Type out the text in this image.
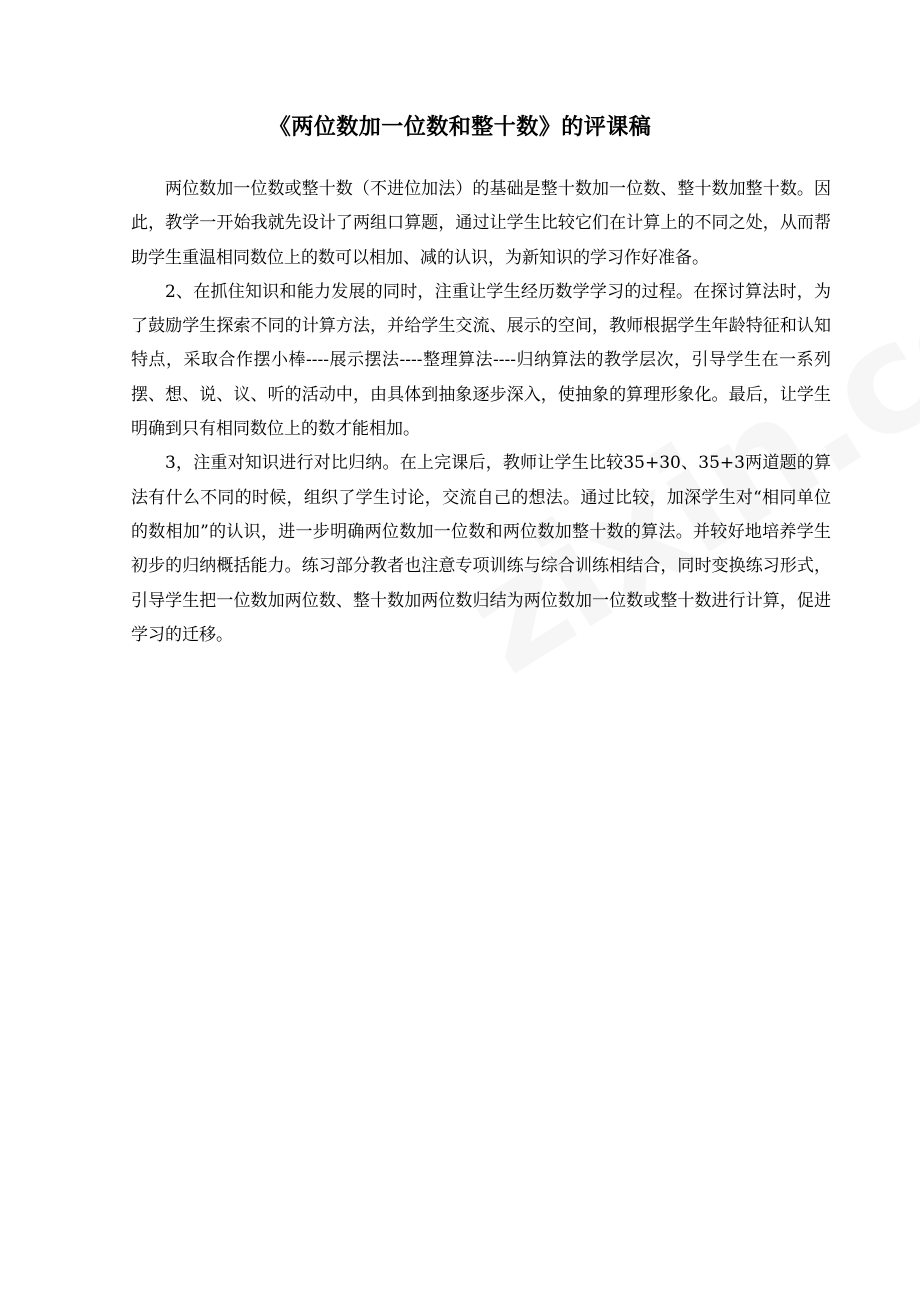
《两位数加一位数和整十数》的评课稿

两位数加一位数或整十数（不进位加法）的基础是整十数加一位数、整十数加整十数。因此，教学一开始我就先设计了两组口算题，通过让学生比较它们在计算上的不同之处，从而帮助学生重温相同数位上的数可以相加、减的认识，为新知识的学习作好准备。

2、在抓住知识和能力发展的同时，注重让学生经历数学学习的过程。在探讨算法时，为了鼓励学生探索不同的计算方法，并给学生交流、展示的空间，教师根据学生年龄特征和认知特点，采取合作摆小棒----展示摆法----整理算法----归纳算法的教学层次，引导学生在一系列摆、想、说、议、听的活动中，由具体到抽象逐步深入，使抽象的算理形象化。最后，让学生明确到只有相同数位上的数才能相加。

3，注重对知识进行对比归纳。在上完课后，教师让学生比较35+30、35+3两道题的算法有什么不同的时候，组织了学生讨论，交流自己的想法。通过比较，加深学生对“相同单位的数相加”的认识，进一步明确两位数加一位数和两位数加整十数的算法。并较好地培养学生初步的归纳概括能力。练习部分教者也注意专项训练与综合训练相结合，同时变换练习形式，引导学生把一位数加两位数、整十数加两位数归结为两位数加一位数或整十数进行计算，促进学习的迁移。
